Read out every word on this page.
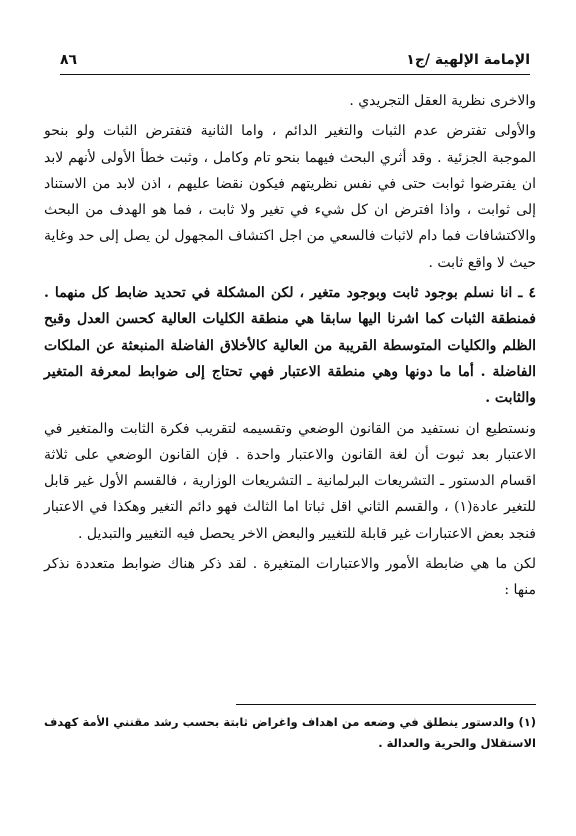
الإمامة الإلهية /ج١
٨٦

والاخرى نظرية العقل التجريدي .

والأولى تفترض عدم الثبات والتغير الدائم ، واما الثانية فتفترض الثبات ولو بنحو الموجبة الجزئية . وقد أثري البحث فيهما بنحو تام وكامل ، وثبت خطأ الأولى لأنهم لابد ان يفترضوا ثوابت حتى في نفس نظريتهم فيكون نقضا عليهم ، اذن لابد من الاستناد إلى ثوابت ، واذا افترض ان كل شيء في تغير ولا ثابت ، فما هو الهدف من البحث والاكتشافات فما دام لاثبات فالسعي من اجل اكتشاف المجهول لن يصل إلى حد وغاية حيث لا واقع ثابت .

٤ ـ انا نسلم بوجود ثابت وبوجود متغير ، لكن المشكلة في تحديد ضابط كل منهما . فمنطقة الثبات كما اشرنا اليها سابقا هي منطقة الكليات العالية كحسن العدل وقبح الظلم والكليات المتوسطة القريبة من العالية كالأخلاق الفاضلة المنبعثة عن الملكات الفاضلة . أما ما دونها وهي منطقة الاعتبار فهي تحتاج إلى ضوابط لمعرفة المتغير والثابت .

ونستطيع ان نستفيد من القانون الوضعي وتقسيمه لتقريب فكرة الثابت والمتغير في الاعتبار بعد ثبوت أن لغة القانون والاعتبار واحدة . فإن القانون الوضعي على ثلاثة اقسام الدستور ـ التشريعات البرلمانية ـ التشريعات الوزارية ، فالقسم الأول غير قابل للتغير عادة(١) ، والقسم الثاني اقل ثباتا اما الثالث فهو دائم التغير وهكذا في الاعتبار فنجد بعض الاعتبارات غير قابلة للتغيير والبعض الاخر يحصل فيه التغيير والتبديل .

لكن ما هي ضابطة الأمور والاعتبارات المتغيرة . لقد ذكر هناك ضوابط متعددة نذكر منها :

(١) والدستور ينطلق في وضعه من اهداف واغراض ثابتة بحسب رشد مقنني الأمة كهدف الاستقلال والحرية والعدالة .
